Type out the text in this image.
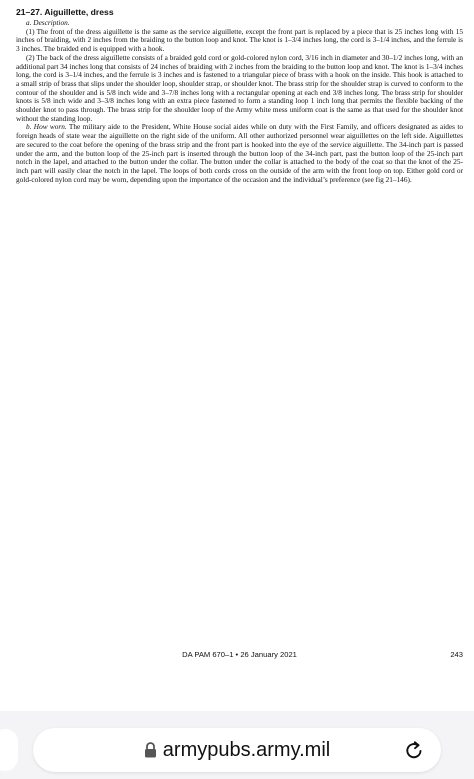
21–27. Aiguillette, dress
a. Description.

(1) The front of the dress aiguillette is the same as the service aiguillette, except the front part is replaced by a piece that is 25 inches long with 15 inches of braiding, with 2 inches from the braiding to the button loop and knot. The knot is 1–3/4 inches long, the cord is 3–1/4 inches, and the ferrule is 3 inches. The braided end is equipped with a hook.

(2) The back of the dress aiguillette consists of a braided gold cord or gold-colored nylon cord, 3/16 inch in diameter and 30–1/2 inches long, with an additional part 34 inches long that consists of 24 inches of braiding with 2 inches from the braiding to the button loop and knot. The knot is 1–3/4 inches long, the cord is 3–1/4 inches, and the ferrule is 3 inches and is fastened to a triangular piece of brass with a hook on the inside. This hook is attached to a small strip of brass that slips under the shoulder loop, shoulder strap, or shoulder knot. The brass strip for the shoulder strap is curved to conform to the contour of the shoulder and is 5/8 inch wide and 3–7/8 inches long with a rectangular opening at each end 3/8 inches long. The brass strip for shoulder knots is 5/8 inch wide and 3–3/8 inches long with an extra piece fastened to form a standing loop 1 inch long that permits the flexible backing of the shoulder knot to pass through. The brass strip for the shoulder loop of the Army white mess uniform coat is the same as that used for the shoulder knot without the standing loop.

b. How worn. The military aide to the President, White House social aides while on duty with the First Family, and officers designated as aides to foreign heads of state wear the aiguillette on the right side of the uniform. All other authorized personnel wear aiguillettes on the left side. Aiguillettes are secured to the coat before the opening of the brass strip and the front part is hooked into the eye of the service aiguillette. The 34-inch part is passed under the arm, and the button loop of the 25-inch part is inserted through the button loop of the 34-inch part, past the button loop of the 25-inch part notch in the lapel, and attached to the button under the collar. The button under the collar is attached to the body of the coat so that the knot of the 25-inch part will easily clear the notch in the lapel. The loops of both cords cross on the outside of the arm with the front loop on top. Either gold cord or gold-colored nylon cord may be worn, depending upon the importance of the occasion and the individual’s preference (see fig 21–146).

DA PAM 670–1 • 26 January 2021	243
armypubs.army.mil
